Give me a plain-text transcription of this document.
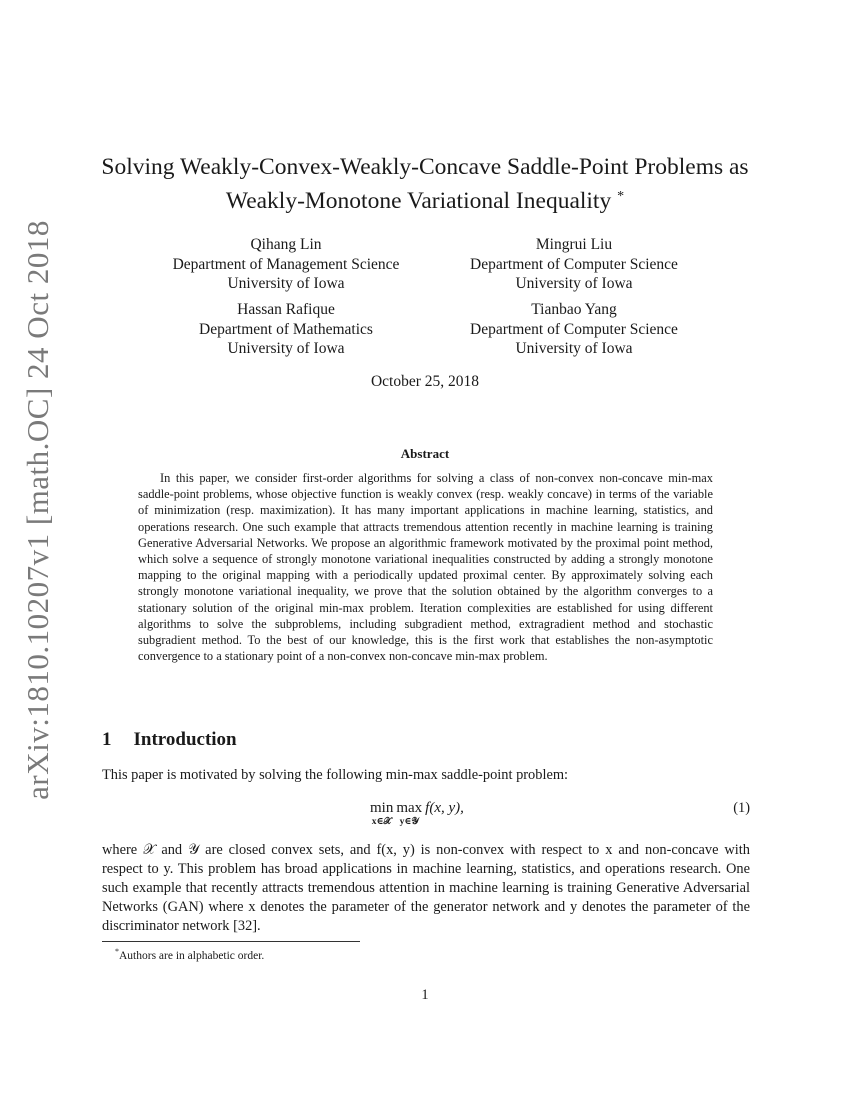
arXiv:1810.10207v1 [math.OC] 24 Oct 2018
Solving Weakly-Convex-Weakly-Concave Saddle-Point Problems as
Weakly-Monotone Variational Inequality *
Qihang Lin
Department of Management Science
University of Iowa
Mingrui Liu
Department of Computer Science
University of Iowa
Hassan Rafique
Department of Mathematics
University of Iowa
Tianbao Yang
Department of Computer Science
University of Iowa
October 25, 2018
Abstract

In this paper, we consider first-order algorithms for solving a class of non-convex non-concave min-max saddle-point problems, whose objective function is weakly convex (resp. weakly concave) in terms of the variable of minimization (resp. maximization). It has many important applications in machine learning, statistics, and operations research. One such example that attracts tremendous attention recently in machine learning is training Generative Adversarial Networks. We propose an algorithmic framework motivated by the proximal point method, which solve a sequence of strongly monotone variational inequalities constructed by adding a strongly monotone mapping to the original mapping with a periodically updated proximal center. By approximately solving each strongly monotone variational inequality, we prove that the solution obtained by the algorithm converges to a stationary solution of the original min-max problem. Iteration complexities are established for using different algorithms to solve the subproblems, including subgradient method, extragradient method and stochastic subgradient method. To the best of our knowledge, this is the first work that establishes the non-asymptotic convergence to a stationary point of a non-convex non-concave min-max problem.

1 Introduction

This paper is motivated by solving the following min-max saddle-point problem:

min
x∈𝒳
max
y∈𝒴
f(x, y),	(1)

where 𝒳 and 𝒴 are closed convex sets, and f(x, y) is non-convex with respect to x and non-concave with respect to y. This problem has broad applications in machine learning, statistics, and operations research. One such example that recently attracts tremendous attention in machine learning is training Generative Adversarial Networks (GAN) where x denotes the parameter of the generator network and y denotes the parameter of the discriminator network [32].

*Authors are in alphabetic order.
1
